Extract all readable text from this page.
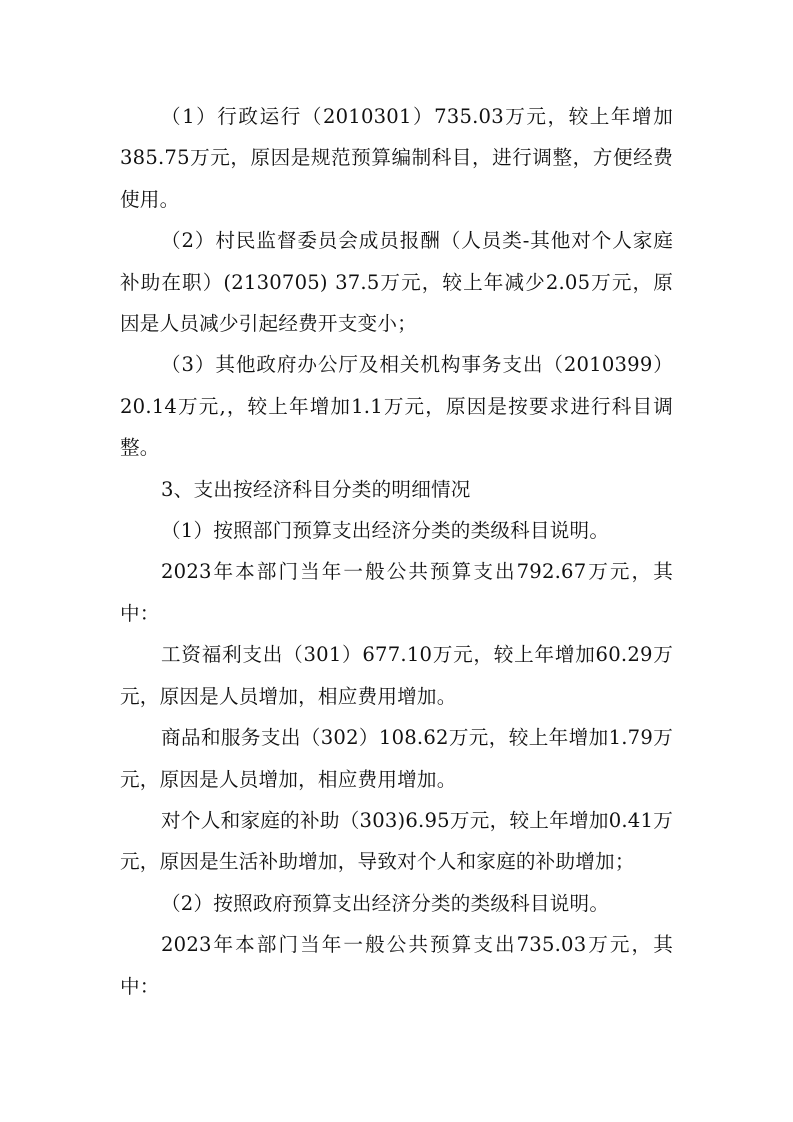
（1）行政运行（2010301）735.03万元，较上年增加385.75万元，原因是规范预算编制科目，进行调整，方便经费使用。

（2）村民监督委员会成员报酬（人员类-其他对个人家庭补助在职）(2130705) 37.5万元，较上年减少2.05万元，原因是人员减少引起经费开支变小；

（3）其他政府办公厅及相关机构事务支出（2010399）20.14万元,，较上年增加1.1万元，原因是按要求进行科目调整。

3、支出按经济科目分类的明细情况

（1）按照部门预算支出经济分类的类级科目说明。

2023年本部门当年一般公共预算支出792.67万元，其中：

工资福利支出（301）677.10万元，较上年增加60.29万元，原因是人员增加，相应费用增加。

商品和服务支出（302）108.62万元，较上年增加1.79万元，原因是人员增加，相应费用增加。

对个人和家庭的补助（303)6.95万元，较上年增加0.41万元，原因是生活补助增加，导致对个人和家庭的补助增加；

（2）按照政府预算支出经济分类的类级科目说明。

2023年本部门当年一般公共预算支出735.03万元，其中：
